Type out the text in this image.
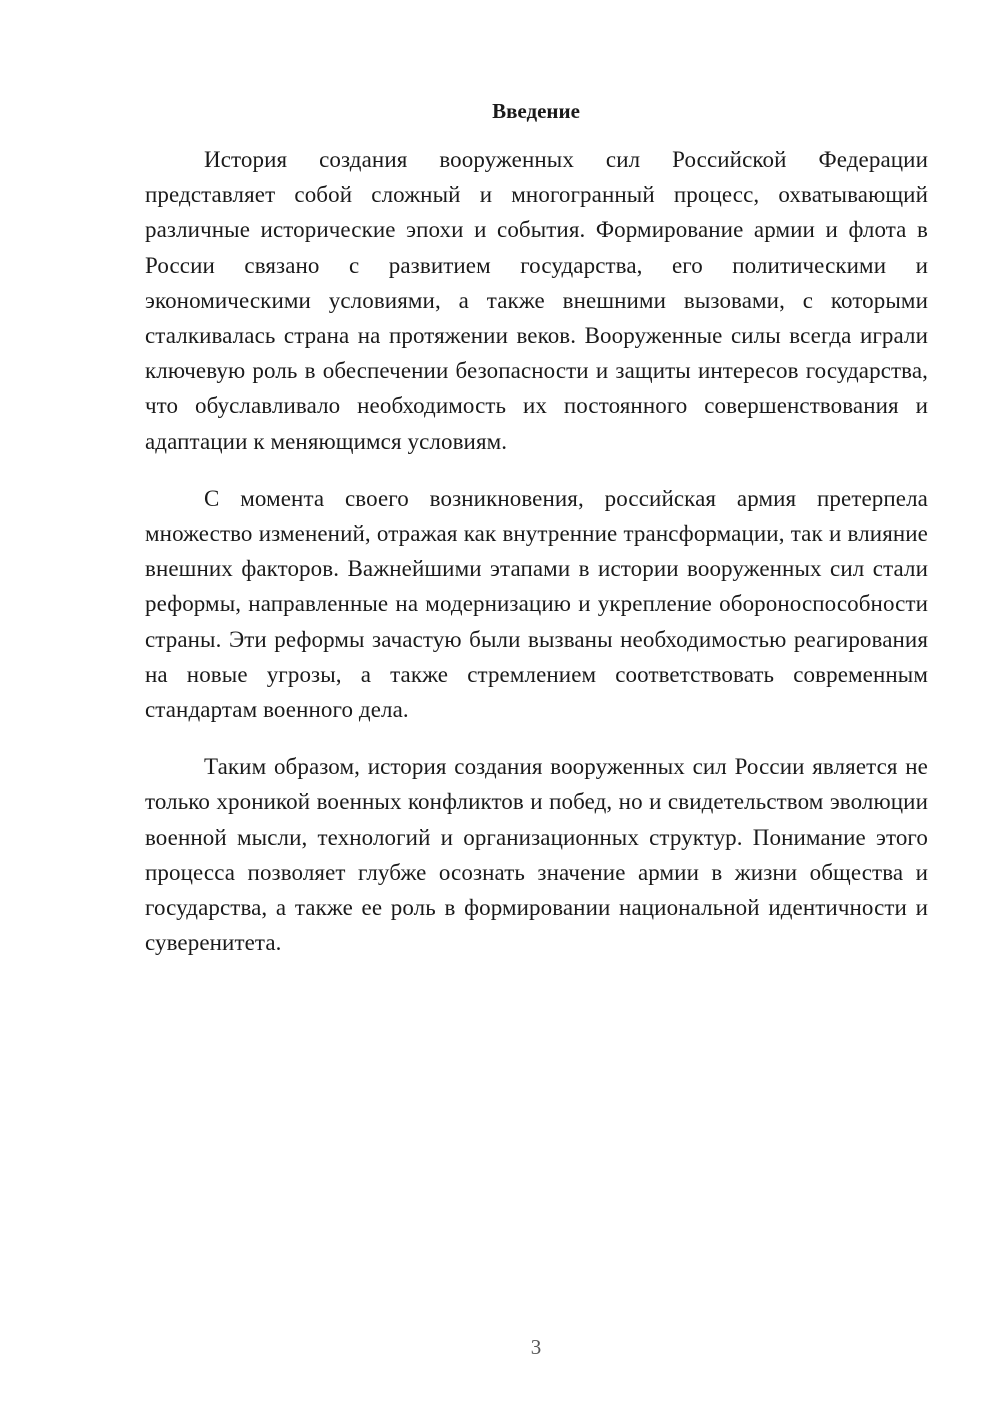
Введение

История создания вооруженных сил Российской Федерации представляет собой сложный и многогранный процесс, охватывающий различные исторические эпохи и события. Формирование армии и флота в России связано с развитием государства, его политическими и экономическими условиями, а также внешними вызовами, с которыми сталкивалась страна на протяжении веков. Вооруженные силы всегда играли ключевую роль в обеспечении безопасности и защиты интересов государства, что обуславливало необходимость их постоянного совершенствования и адаптации к меняющимся условиям.

С момента своего возникновения, российская армия претерпела множество изменений, отражая как внутренние трансформации, так и влияние внешних факторов. Важнейшими этапами в истории вооруженных сил стали реформы, направленные на модернизацию и укрепление обороноспособности страны. Эти реформы зачастую были вызваны необходимостью реагирования на новые угрозы, а также стремлением соответствовать современным стандартам военного дела.

Таким образом, история создания вооруженных сил России является не только хроникой военных конфликтов и побед, но и свидетельством эволюции военной мысли, технологий и организационных структур. Понимание этого процесса позволяет глубже осознать значение армии в жизни общества и государства, а также ее роль в формировании национальной идентичности и суверенитета.

3
